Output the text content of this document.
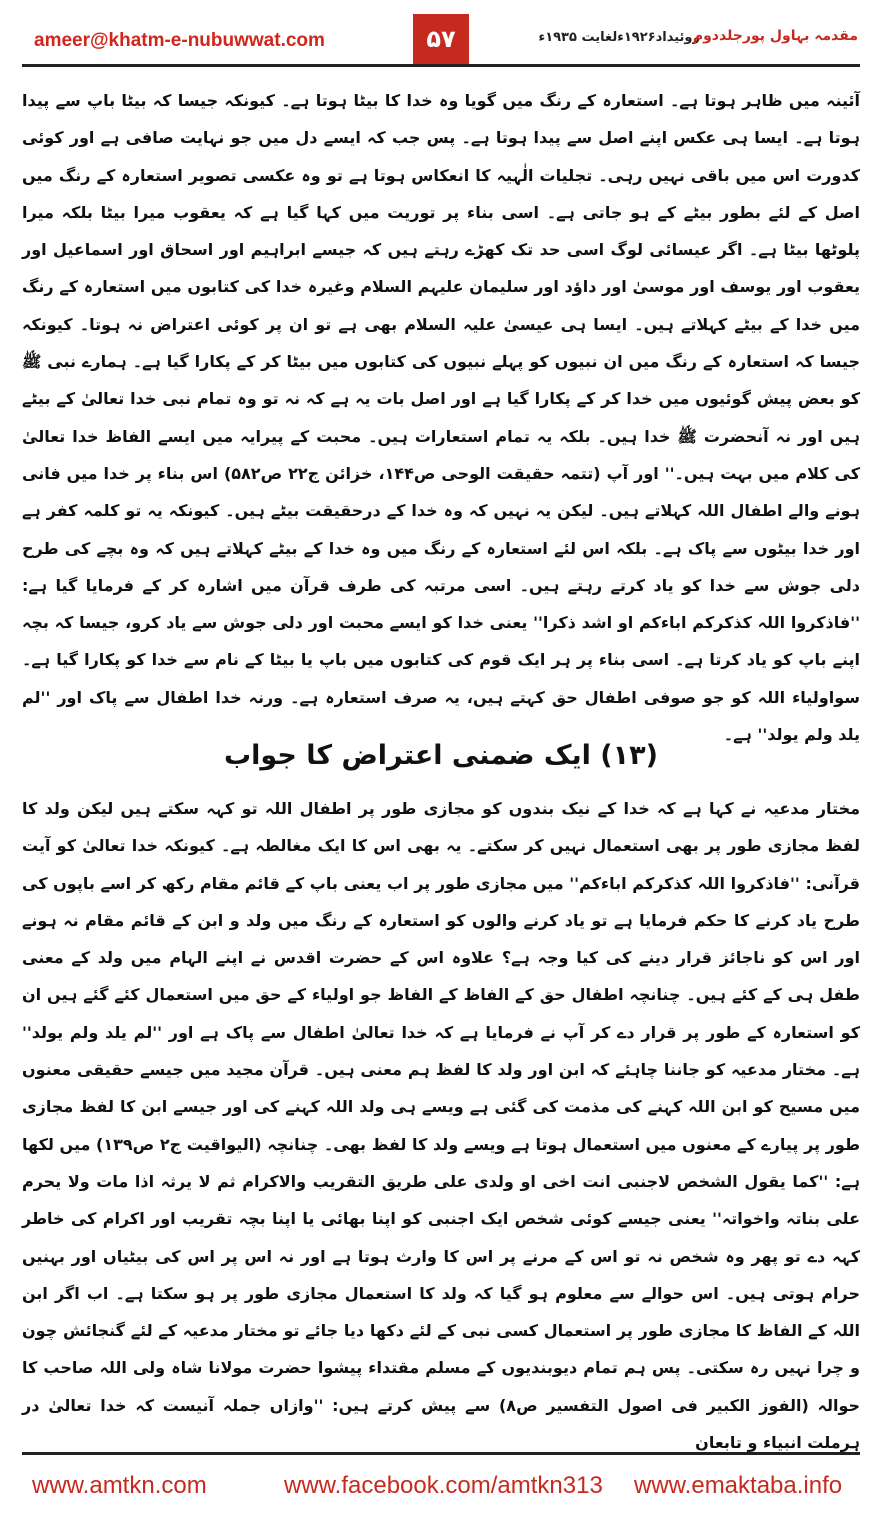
ameer@khatm-e-nubuwwat.com	۵۷	روئیداد۱۹۲۶ءلغایت ۱۹۳۵ء
مقدمہ بہاول پورجلددوم
آئینہ میں ظاہر ہوتا ہے۔ استعارہ کے رنگ میں گویا وہ خدا کا بیٹا ہوتا ہے۔ کیونکہ جیسا کہ بیٹا باپ سے پیدا ہوتا ہے۔ ایسا ہی عکس اپنے اصل سے پیدا ہوتا ہے۔ پس جب کہ ایسے دل میں جو نہایت صافی ہے اور کوئی کدورت اس میں باقی نہیں رہی۔ تجلیات الٰہیہ کا انعکاس ہوتا ہے تو وہ عکسی تصویر استعارہ کے رنگ میں اصل کے لئے بطور بیٹے کے ہو جاتی ہے۔ اسی بناء پر توریت میں کہا گیا ہے کہ یعقوب میرا بیٹا بلکہ میرا پلوٹھا بیٹا ہے۔ اگر عیسائی لوگ اسی حد تک کھڑے رہتے ہیں کہ جیسے ابراہیم اور اسحاق اور اسماعیل اور یعقوب اور یوسف اور موسیٰ اور داؤد اور سلیمان علیہم السلام وغیرہ خدا کی کتابوں میں استعارہ کے رنگ میں خدا کے بیٹے کہلاتے ہیں۔ ایسا ہی عیسیٰ علیہ السلام بھی ہے تو ان پر کوئی اعتراض نہ ہوتا۔ کیونکہ جیسا کہ استعارہ کے رنگ میں ان نبیوں کو پہلے نبیوں کی کتابوں میں بیٹا کر کے پکارا گیا ہے۔ ہمارے نبی ﷺ کو بعض پیش گوئیوں میں خدا کر کے پکارا گیا ہے اور اصل بات یہ ہے کہ نہ تو وہ تمام نبی خدا تعالیٰ کے بیٹے ہیں اور نہ آنحضرت ﷺ خدا ہیں۔ بلکہ یہ تمام استعارات ہیں۔ محبت کے پیرایہ میں ایسے الفاظ خدا تعالیٰ کی کلام میں بہت ہیں۔'' اور آپ (تتمہ حقیقت الوحی ص۱۴۴، خزائن ج۲۲ ص۵۸۲) اس بناء پر خدا میں فانی ہونے والے اطفال اللہ کہلاتے ہیں۔ لیکن یہ نہیں کہ وہ خدا کے درحقیقت بیٹے ہیں۔ کیونکہ یہ تو کلمہ کفر ہے اور خدا بیٹوں سے پاک ہے۔ بلکہ اس لئے استعارہ کے رنگ میں وہ خدا کے بیٹے کہلاتے ہیں کہ وہ بچے کی طرح دلی جوش سے خدا کو یاد کرتے رہتے ہیں۔ اسی مرتبہ کی طرف قرآن میں اشارہ کر کے فرمایا گیا ہے: ''فاذکروا اللہ کذکرکم اباءکم او اشد ذکرا'' یعنی خدا کو ایسے محبت اور دلی جوش سے یاد کرو، جیسا کہ بچہ اپنے باپ کو یاد کرتا ہے۔ اسی بناء پر ہر ایک قوم کی کتابوں میں باپ یا بیٹا کے نام سے خدا کو پکارا گیا ہے۔ سواولیاء اللہ کو جو صوفی اطفال حق کہتے ہیں، یہ صرف استعارہ ہے۔ ورنہ خدا اطفال سے پاک اور ''لم یلد ولم یولد'' ہے۔
(۱۳) ایک ضمنی اعتراض کا جواب
مختار مدعیہ نے کہا ہے کہ خدا کے نیک بندوں کو مجازی طور پر اطفال اللہ تو کہہ سکتے ہیں لیکن ولد کا لفظ مجازی طور پر بھی استعمال نہیں کر سکتے۔ یہ بھی اس کا ایک مغالطہ ہے۔ کیونکہ خدا تعالیٰ کو آیت قرآنی: ''فاذکروا اللہ کذکرکم اباءکم'' میں مجازی طور پر اب یعنی باپ کے قائم مقام رکھ کر اسے باپوں کی طرح یاد کرنے کا حکم فرمایا ہے تو یاد کرنے والوں کو استعارہ کے رنگ میں ولد و ابن کے قائم مقام نہ ہونے اور اس کو ناجائز قرار دینے کی کیا وجہ ہے؟ علاوہ اس کے حضرت اقدس نے اپنے الہام میں ولد کے معنی طفل ہی کے کئے ہیں۔ چنانچہ اطفال حق کے الفاظ کے الفاظ جو اولیاء کے حق میں استعمال کئے گئے ہیں ان کو استعارہ کے طور پر قرار دے کر آپ نے فرمایا ہے کہ خدا تعالیٰ اطفال سے پاک ہے اور ''لم یلد ولم یولد'' ہے۔ مختار مدعیہ کو جاننا چاہئے کہ ابن اور ولد کا لفظ ہم معنی ہیں۔ قرآن مجید میں جیسے حقیقی معنوں میں مسیح کو ابن اللہ کہنے کی مذمت کی گئی ہے ویسے ہی ولد اللہ کہنے کی اور جیسے ابن کا لفظ مجازی طور پر پیارے کے معنوں میں استعمال ہوتا ہے ویسے ولد کا لفظ بھی۔ چنانچہ (الیواقیت ج۲ ص۱۳۹) میں لکھا ہے: ''کما یقول الشخص لاجنبی انت اخی او ولدی علی طریق التقریب والاکرام ثم لا یرثہ اذا مات ولا یحرم علی بناتہ واخواتہ'' یعنی جیسے کوئی شخص ایک اجنبی کو اپنا بھائی یا اپنا بچہ تقریب اور اکرام کی خاطر کہہ دے تو پھر وہ شخص نہ تو اس کے مرنے پر اس کا وارث ہوتا ہے اور نہ اس پر اس کی بیٹیاں اور بہنیں حرام ہوتی ہیں۔ اس حوالے سے معلوم ہو گیا کہ ولد کا استعمال مجازی طور پر ہو سکتا ہے۔ اب اگر ابن اللہ کے الفاظ کا مجازی طور پر استعمال کسی نبی کے لئے دکھا دیا جائے تو مختار مدعیہ کے لئے گنجائش چون و چرا نہیں رہ سکتی۔ پس ہم تمام دیوبندیوں کے مسلم مقتداء پیشوا حضرت مولانا شاہ ولی اللہ صاحب کا حوالہ (الفوز الکبیر فی اصول التفسیر ص۸) سے پیش کرتے ہیں: ''وازاں جملہ آنیست کہ خدا تعالیٰ در ہرملت انبیاء و تابعان
www.amtkn.com	www.facebook.com/amtkn313 www.emaktaba.info
